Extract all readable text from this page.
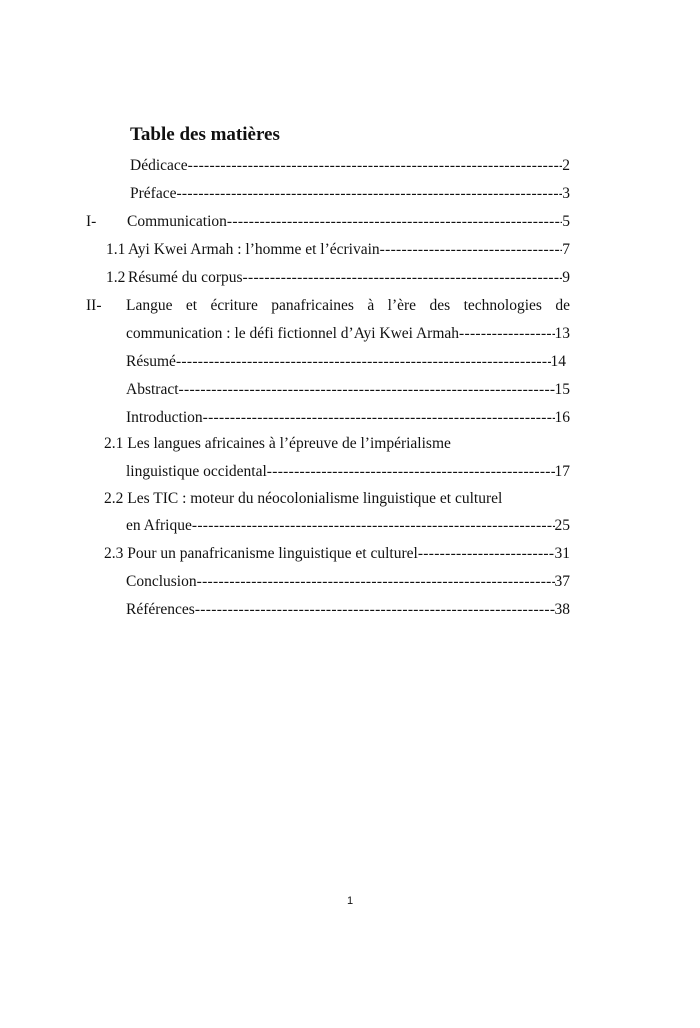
Table des matières
Dédicace -----	2
Préface -----	3
I- Communication -----	5
1.1 Ayi Kwei Armah : l’homme et l’écrivain -----	7
1.2 Résumé du corpus -----	9
II- Langue et écriture panafricaines à l’ère des technologies de
communication : le défi fictionnel d’Ayi Kwei Armah -----	13
Résumé -----	14
Abstract -----	15
Introduction -----	16
2.1 Les langues africaines à l’épreuve de l’impérialisme
linguistique occidental -----	17
2.2 Les TIC : moteur du néocolonialisme linguistique et culturel
en Afrique -----	25
2.3 Pour un panafricanisme linguistique et culturel -----	31
Conclusion -----	37
Références -----	38
1
